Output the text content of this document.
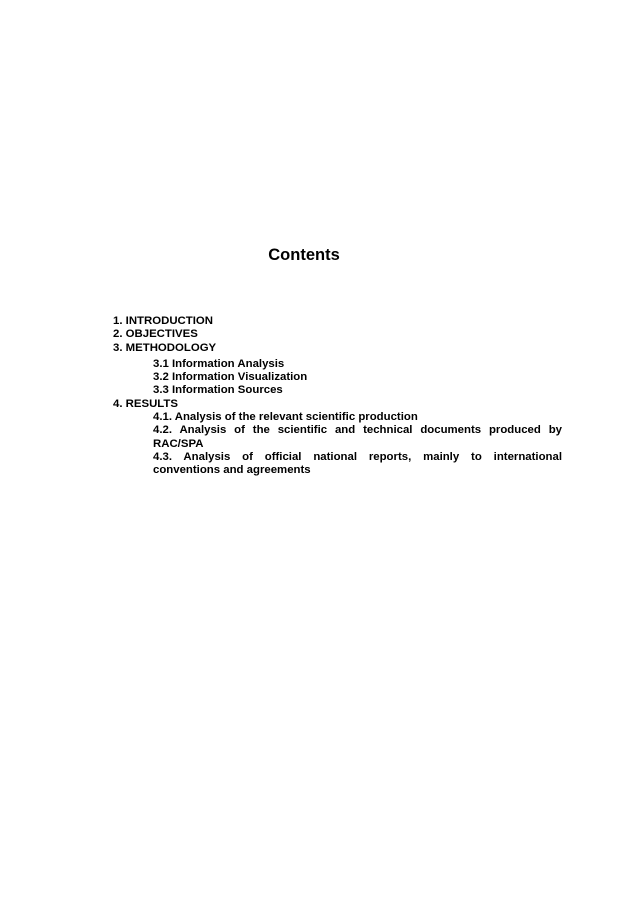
Contents
1. INTRODUCTION
2. OBJECTIVES
3. METHODOLOGY
3.1 Information Analysis
3.2 Information Visualization
3.3 Information Sources
4. RESULTS
4.1. Analysis of the relevant scientific production
4.2. Analysis of the scientific and technical documents produced by RAC/SPA
4.3. Analysis of official national reports, mainly to international conventions and agreements
